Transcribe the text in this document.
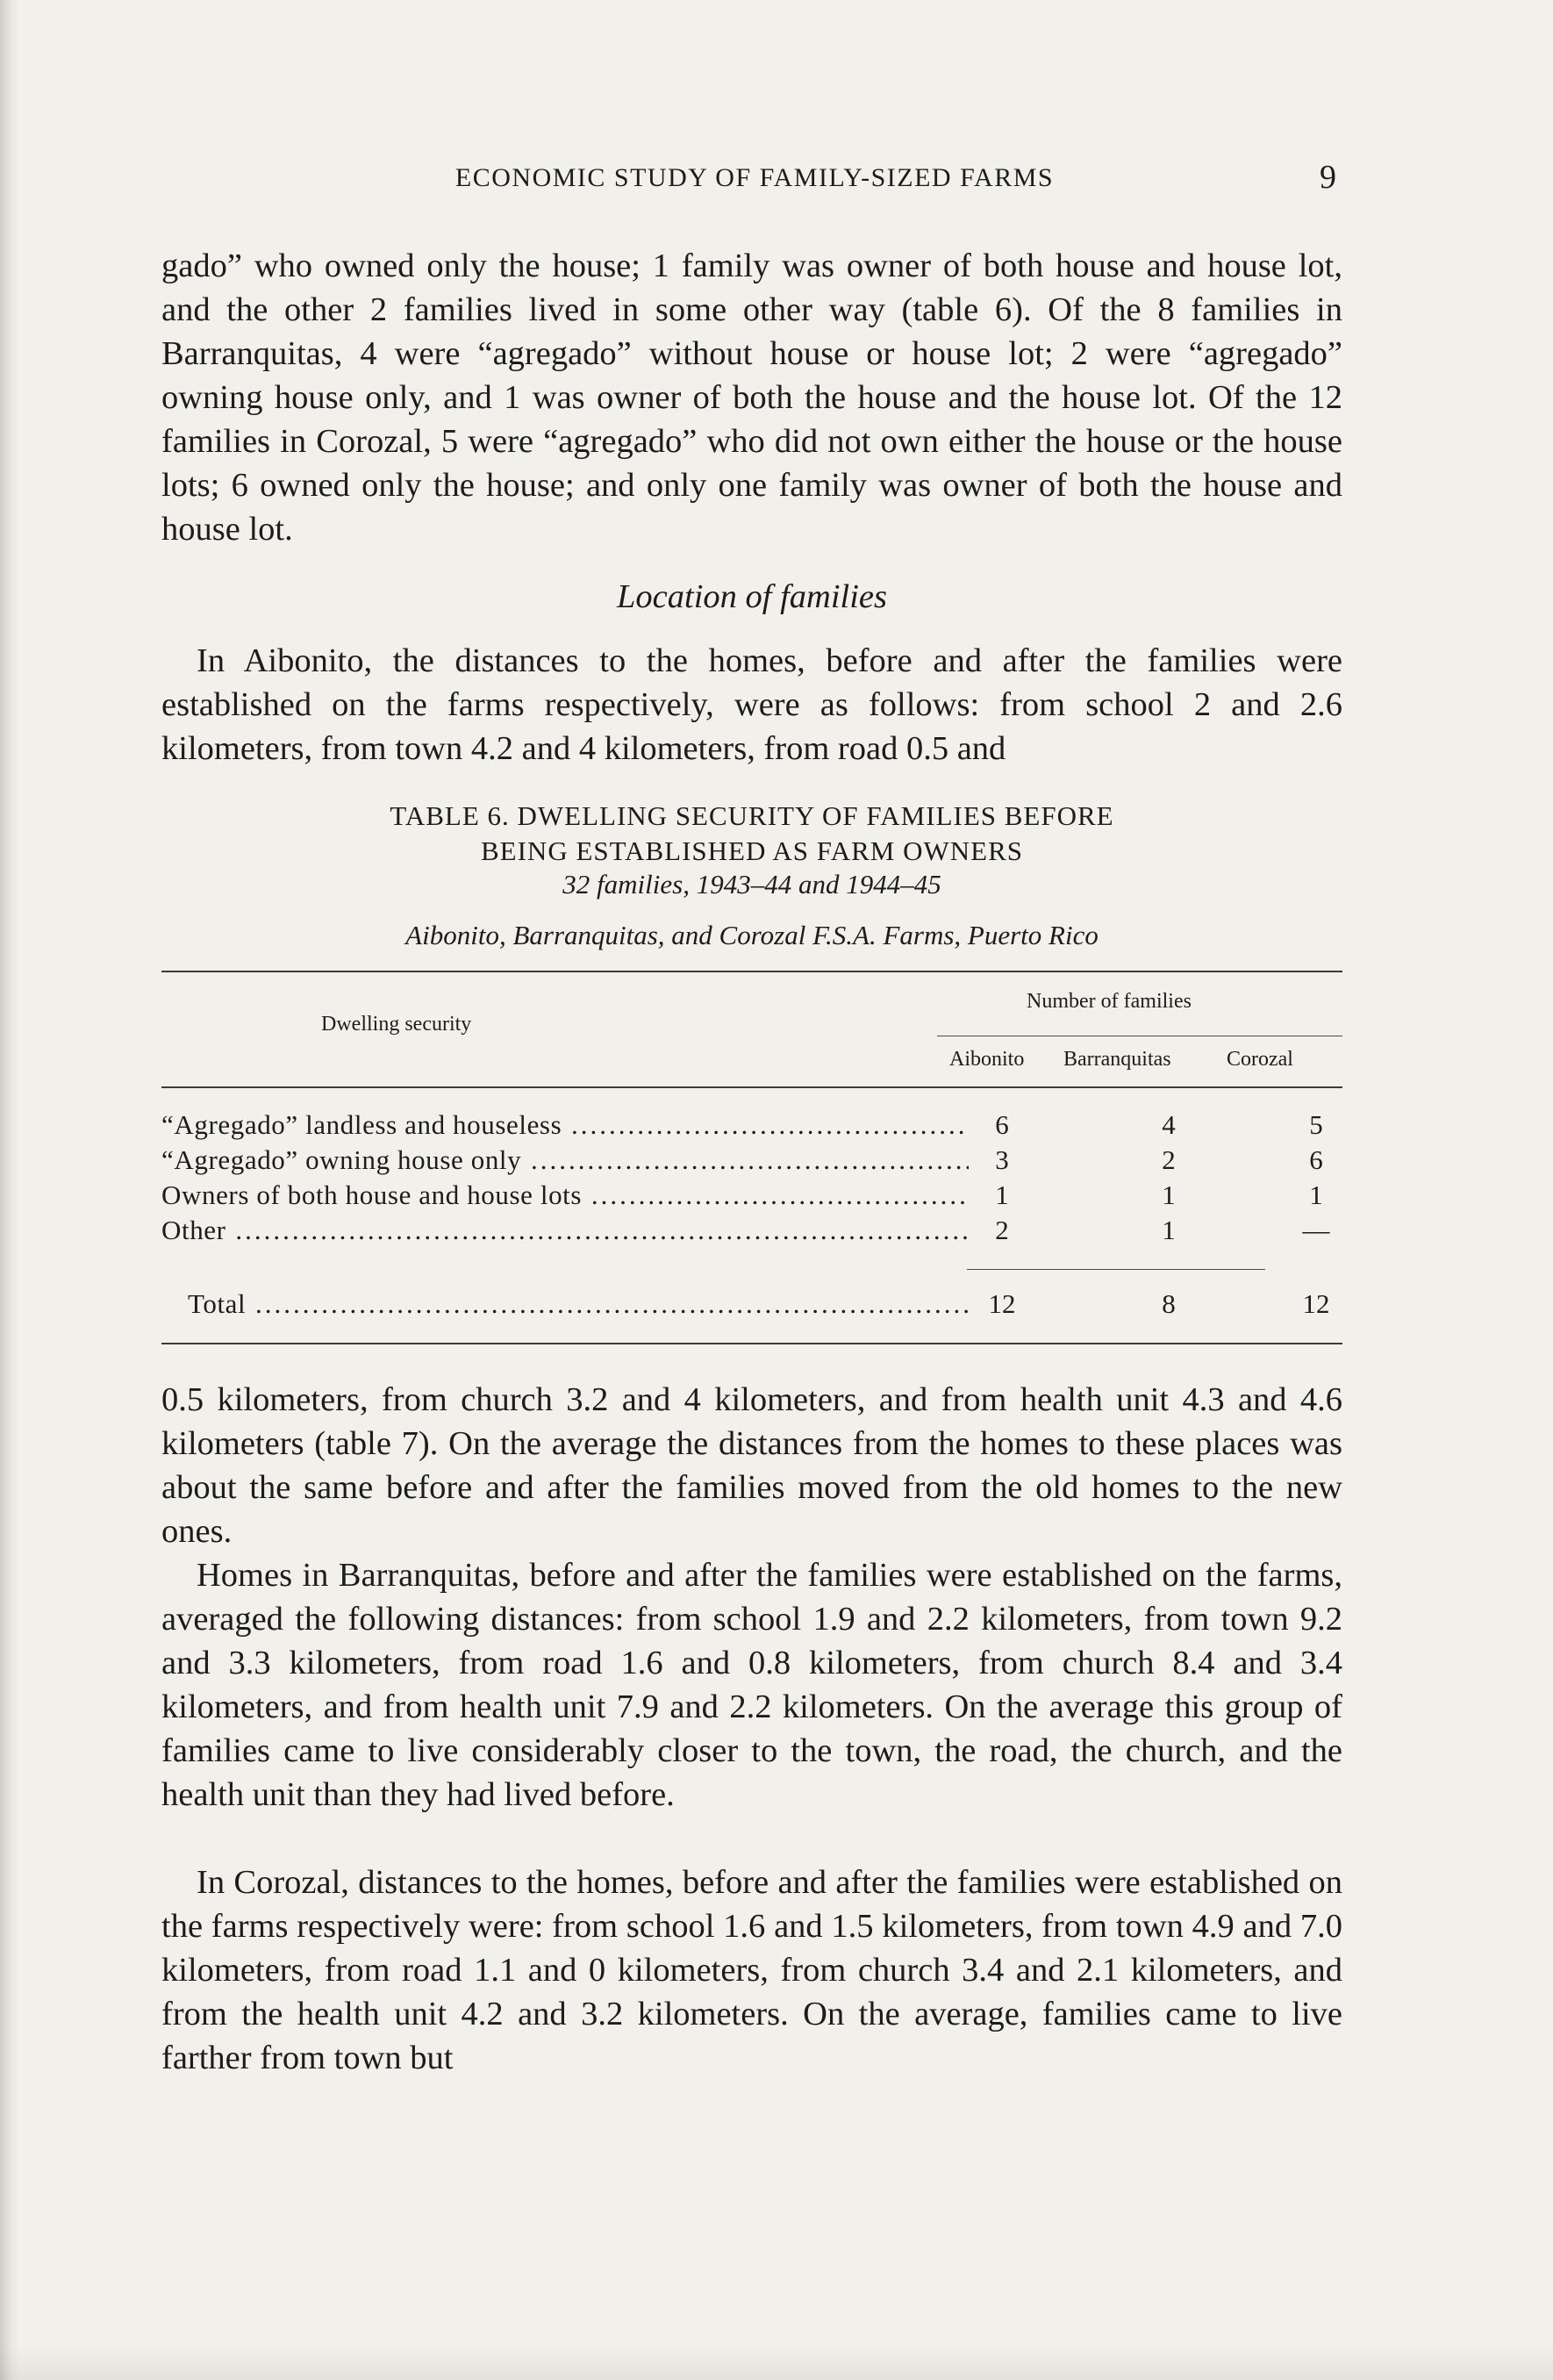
ECONOMIC STUDY OF FAMILY-SIZED FARMS	9

gado” who owned only the house; 1 family was owner of both house and house lot, and the other 2 families lived in some other way (table 6). Of the 8 families in Barranquitas, 4 were “agregado” without house or house lot; 2 were “agregado” owning house only, and 1 was owner of both the house and the house lot. Of the 12 families in Corozal, 5 were “agregado” who did not own either the house or the house lots; 6 owned only the house; and only one family was owner of both the house and house lot.

Location of families

In Aibonito, the distances to the homes, before and after the families were established on the farms respectively, were as follows: from school 2 and 2.6 kilometers, from town 4.2 and 4 kilometers, from road 0.5 and

TABLE 6. DWELLING SECURITY OF FAMILIES BEFORE
BEING ESTABLISHED AS FARM OWNERS
32 families, 1943–44 and 1944–45
Aibonito, Barranquitas, and Corozal F.S.A. Farms, Puerto Rico
Dwelling security
Number of families
Aibonito Barranquitas	Corozal
“Agregado” landless and houseless .....	6	4	5
“Agregado” owning house only .....	3	2	6
Owners of both house and house lots .....	1	1	1
Other .....	2	1	—
Total .....	12	8	12

0.5 kilometers, from church 3.2 and 4 kilometers, and from health unit 4.3 and 4.6 kilometers (table 7). On the average the distances from the homes to these places was about the same before and after the families moved from the old homes to the new ones.

Homes in Barranquitas, before and after the families were established on the farms, averaged the following distances: from school 1.9 and 2.2 kilometers, from town 9.2 and 3.3 kilometers, from road 1.6 and 0.8 kilometers, from church 8.4 and 3.4 kilometers, and from health unit 7.9 and 2.2 kilometers. On the average this group of families came to live considerably closer to the town, the road, the church, and the health unit than they had lived before.

In Corozal, distances to the homes, before and after the families were established on the farms respectively were: from school 1.6 and 1.5 kilometers, from town 4.9 and 7.0 kilometers, from road 1.1 and 0 kilometers, from church 3.4 and 2.1 kilometers, and from the health unit 4.2 and 3.2 kilometers. On the average, families came to live farther from town but
